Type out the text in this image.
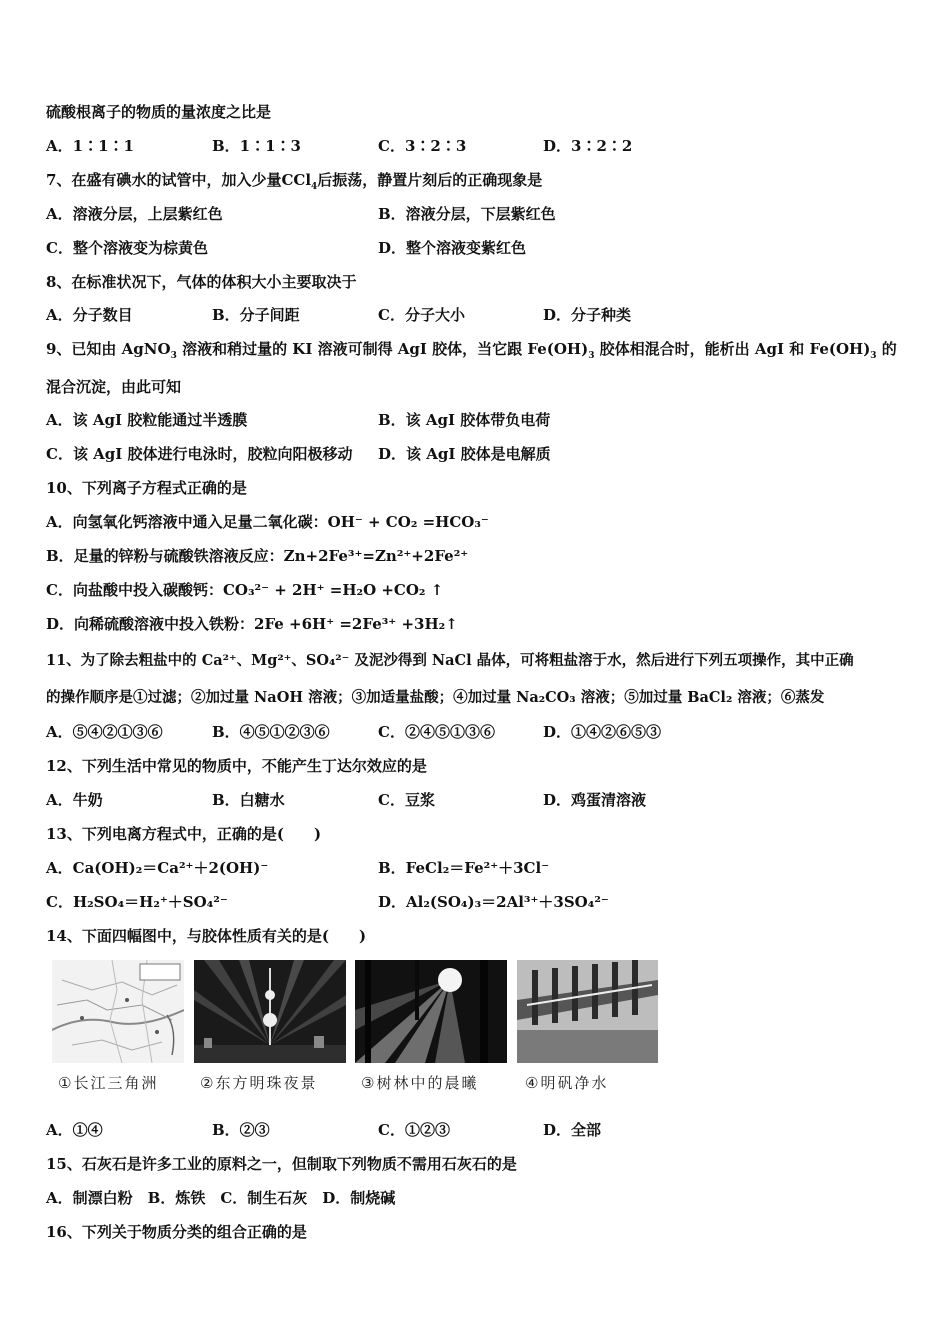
硫酸根离子的物质的量浓度之比是
A．1∶1∶1	B．1∶1∶3	C．3∶2∶3	D．3∶2∶2
7、在盛有碘水的试管中，加入少量CCl$_4$后振荡，静置片刻后的正确现象是
A．溶液分层，上层紫红色	B．溶液分层，下层紫红色
C．整个溶液变为棕黄色	D．整个溶液变紫红色
8、在标准状况下，气体的体积大小主要取决于
A．分子数目	B．分子间距	C．分子大小	D．分子种类
9、已知由 AgNO$_3$ 溶液和稍过量的 KI 溶液可制得 AgI 胶体，当它跟 $Fe(OH)_3$ 胶体相混合时，能析出 AgI 和 $Fe(OH)_3$ 的
混合沉淀，由此可知
A．该 AgI 胶粒能通过半透膜	B．该 AgI 胶体带负电荷
C．该 AgI 胶体进行电泳时，胶粒向阳极移动 D．该 AgI 胶体是电解质
10、下列离子方程式正确的是
A．向氢氧化钙溶液中通入足量二氧化碳：OH⁻ + CO₂ =HCO₃⁻
B．足量的锌粉与硫酸铁溶液反应：Zn+2Fe³⁺=Zn²⁺+2Fe²⁺
C．向盐酸中投入碳酸钙：CO₃²⁻ + 2H⁺ =H₂O +CO₂ ↑
D．向稀硫酸溶液中投入铁粉：2Fe +6H⁺ =2Fe³⁺ +3H₂↑
11、为了除去粗盐中的 Ca²⁺、Mg²⁺、SO₄²⁻ 及泥沙得到 NaCl 晶体，可将粗盐溶于水，然后进行下列五项操作，其中正确
的操作顺序是①过滤；②加过量 NaOH 溶液；③加适量盐酸；④加过量 Na₂CO₃ 溶液；⑤加过量 BaCl₂ 溶液；⑥蒸发
A．⑤④②①③⑥	B．④⑤①②③⑥	C．②④⑤①③⑥	D．①④②⑥⑤③
12、下列生活中常见的物质中，不能产生丁达尔效应的是
A．牛奶	B．白糖水	C．豆浆	D．鸡蛋清溶液
13、下列电离方程式中，正确的是(　　)
A．Ca(OH)₂＝Ca²⁺＋2(OH)⁻	B．FeCl₂＝Fe²⁺＋3Cl⁻
C．H₂SO₄＝H₂⁺＋SO₄²⁻	D．Al₂(SO₄)₃＝2Al³⁺＋3SO₄²⁻
14、下面四幅图中，与胶体性质有关的是(　　)
①长江三角洲	②东方明珠夜景	③树林中的晨曦	④明矾净水
A．①④	B．②③	C．①②③	D．全部
15、石灰石是许多工业的原料之一，但制取下列物质不需用石灰石的是
A．制漂白粉　B．炼铁　C．制生石灰　D．制烧碱
16、下列关于物质分类的组合正确的是
